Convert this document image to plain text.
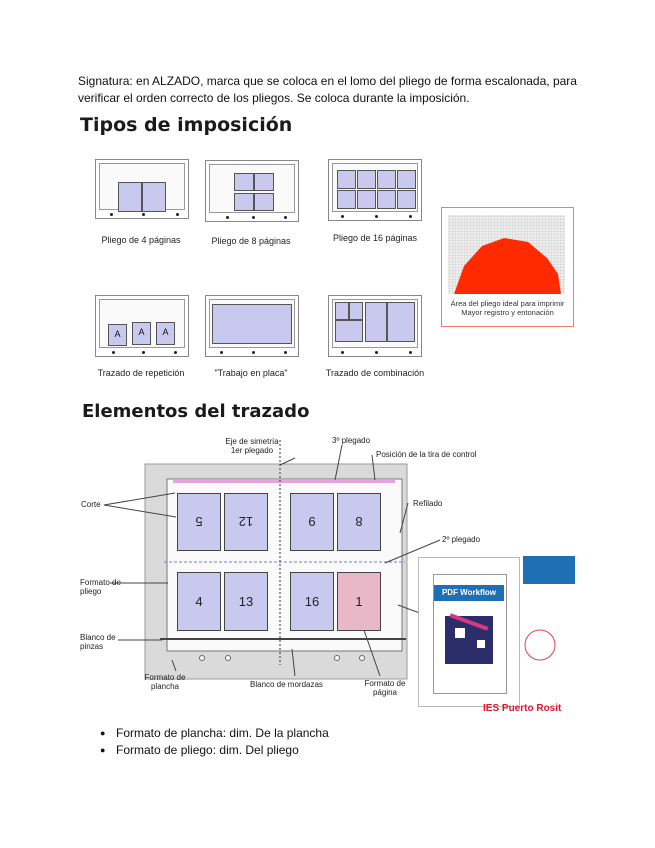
Signatura: en ALZADO, marca que se coloca en el lomo del pliego de forma escalonada, para verificar el orden correcto de los pliegos. Se coloca durante la imposición.
Tipos de imposición
Pliego de 4 páginas	Pliego de 8 páginas	Pliego de 16 páginas
Área del pliego ideal para imprimir
Mayor registro y entonación
A	A	A
Trazado de repetición	"Trabajo en placa"	Trazado de combinación
Elementos del trazado
5	12	9	8
4	13	16	1
Eje de simetría
1er plegado
3º plegado
Posición de la tira de control
Corte	Refilado
2º plegado
Formato de
pliego
Blanco de
pinzas
Formato de
plancha	Blanco de mordazas	Formato de
página
PDF Workflow
IES Puerto Rosit
● Formato de plancha: dim. De la plancha
● Formato de pliego: dim. Del pliego
